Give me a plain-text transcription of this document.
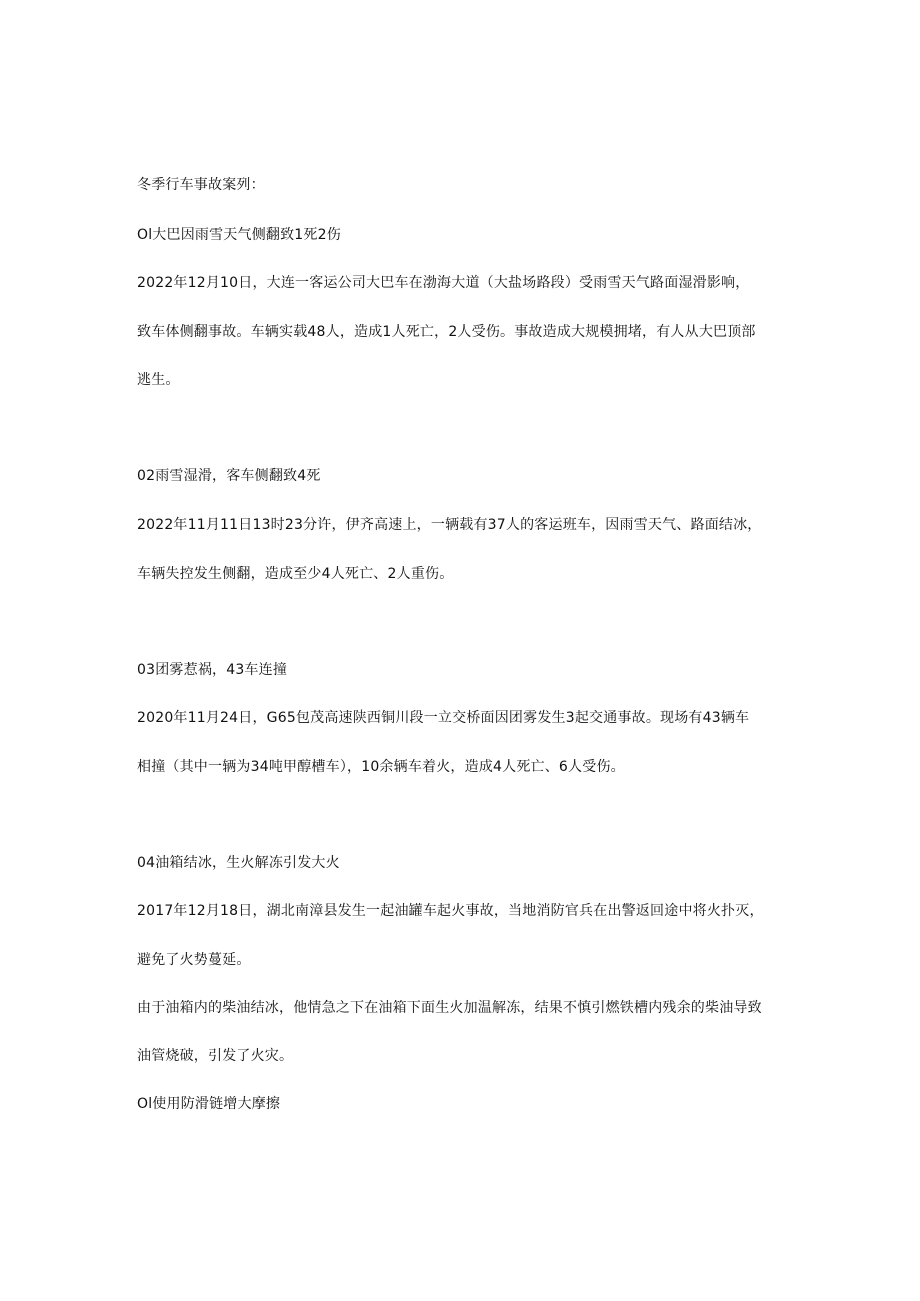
冬季行车事故案列：
Ol大巴因雨雪天气侧翻致1死2伤
2022年12月10日，大连一客运公司大巴车在渤海大道（大盐场路段）受雨雪天气路面湿滑影响，
致车体侧翻事故。车辆实载48人，造成1人死亡，2人受伤。事故造成大规模拥堵，有人从大巴顶部
逃生。
02雨雪湿滑，客车侧翻致4死
2022年11月11日13时23分许，伊齐高速上，一辆载有37人的客运班车，因雨雪天气、路面结冰，
车辆失控发生侧翻，造成至少4人死亡、2人重伤。
03团雾惹祸，43车连撞
2020年11月24日，G65包茂高速陕西铜川段一立交桥面因团雾发生3起交通事故。现场有43辆车
相撞（其中一辆为34吨甲醇槽车），10余辆车着火，造成4人死亡、6人受伤。
04油箱结冰，生火解冻引发大火
2017年12月18日，湖北南漳县发生一起油罐车起火事故，当地消防官兵在出警返回途中将火扑灭，
避免了火势蔓延。
由于油箱内的柴油结冰，他情急之下在油箱下面生火加温解冻，结果不慎引燃铁槽内残余的柴油导致
油管烧破，引发了火灾。
Ol使用防滑链增大摩擦
